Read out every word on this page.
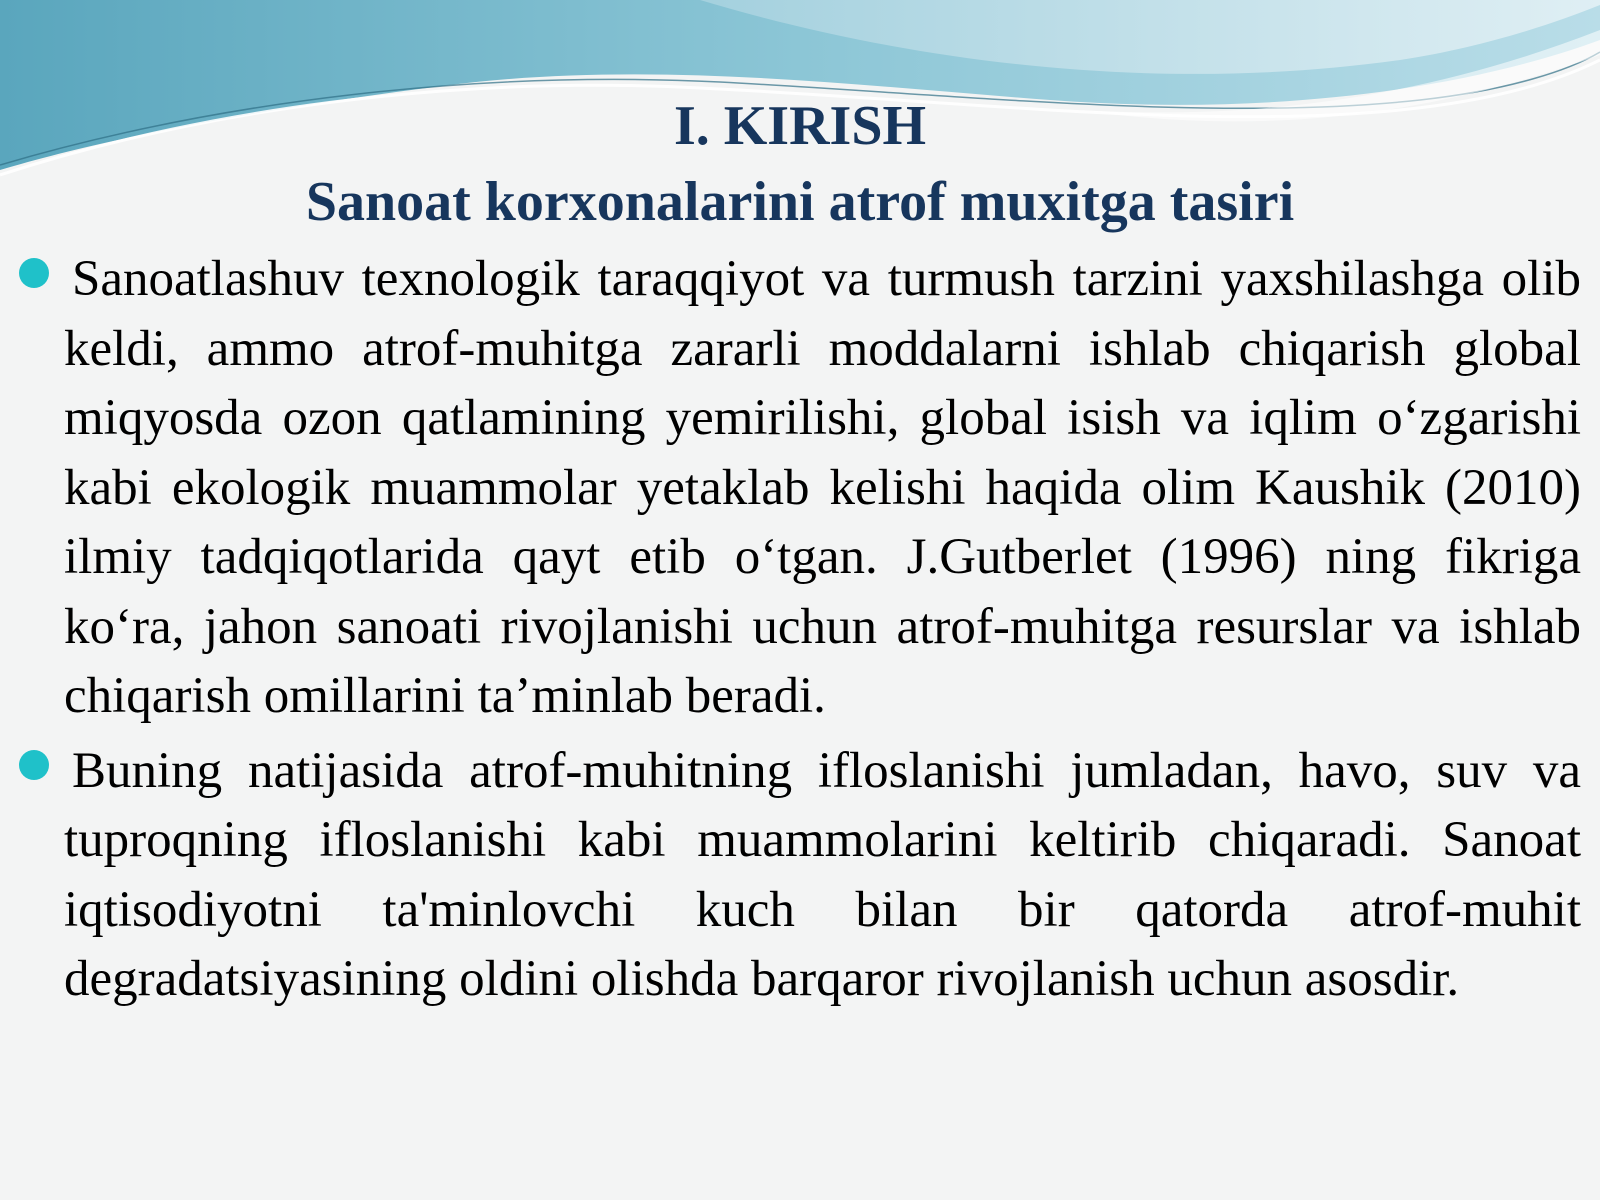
I. KIRISH
Sanoat korxonalarini atrof muxitga tasiri
Sanoatlashuv texnologik taraqqiyot va turmush tarzini yaxshilashga olib keldi, ammo atrof-muhitga zararli moddalarni ishlab chiqarish global miqyosda ozon qatlamining yemirilishi, global isish va iqlim o‘zgarishi kabi ekologik muammolar yetaklab kelishi haqida olim Kaushik (2010) ilmiy tadqiqotlarida qayt etib o‘tgan. J.Gutberlet (1996) ning fikriga ko‘ra, jahon sanoati rivojlanishi uchun atrof-muhitga resurslar va ishlab chiqarish omillarini ta’minlab beradi.
Buning natijasida atrof-muhitning ifloslanishi jumladan, havo, suv va tuproqning ifloslanishi kabi muammolarini keltirib chiqaradi. Sanoat iqtisodiyotni ta'minlovchi kuch bilan bir qatorda atrof-muhit degradatsiyasining oldini olishda barqaror rivojlanish uchun asosdir.
